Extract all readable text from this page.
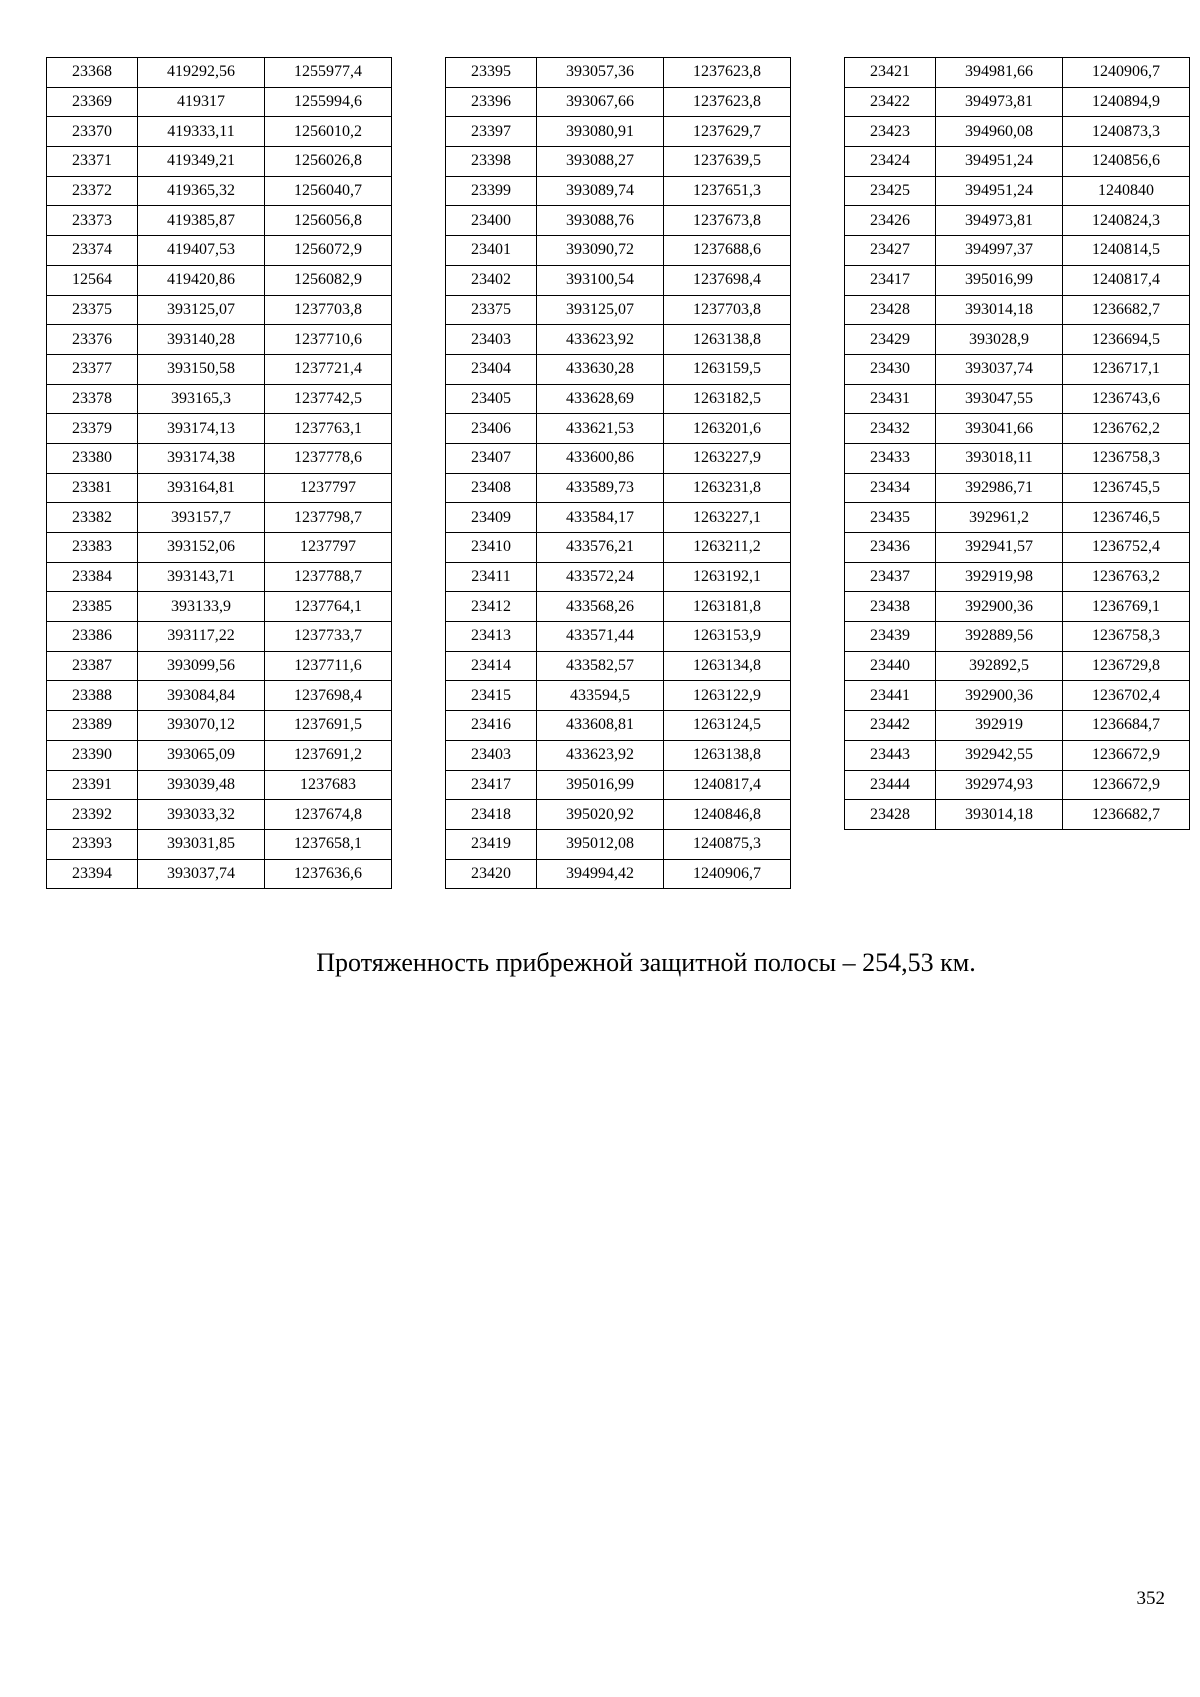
23368	419292,56	1255977,4
23369	419317	1255994,6
23370	419333,11	1256010,2
23371	419349,21	1256026,8
23372	419365,32	1256040,7
23373	419385,87	1256056,8
23374	419407,53	1256072,9
12564	419420,86	1256082,9
23375	393125,07	1237703,8
23376	393140,28	1237710,6
23377	393150,58	1237721,4
23378	393165,3	1237742,5
23379	393174,13	1237763,1
23380	393174,38	1237778,6
23381	393164,81	1237797
23382	393157,7	1237798,7
23383	393152,06	1237797
23384	393143,71	1237788,7
23385	393133,9	1237764,1
23386	393117,22	1237733,7
23387	393099,56	1237711,6
23388	393084,84	1237698,4
23389	393070,12	1237691,5
23390	393065,09	1237691,2
23391	393039,48	1237683
23392	393033,32	1237674,8
23393	393031,85	1237658,1
23394	393037,74	1237636,6
23395	393057,36	1237623,8
23396	393067,66	1237623,8
23397	393080,91	1237629,7
23398	393088,27	1237639,5
23399	393089,74	1237651,3
23400	393088,76	1237673,8
23401	393090,72	1237688,6
23402	393100,54	1237698,4
23375	393125,07	1237703,8
23403	433623,92	1263138,8
23404	433630,28	1263159,5
23405	433628,69	1263182,5
23406	433621,53	1263201,6
23407	433600,86	1263227,9
23408	433589,73	1263231,8
23409	433584,17	1263227,1
23410	433576,21	1263211,2
23411	433572,24	1263192,1
23412	433568,26	1263181,8
23413	433571,44	1263153,9
23414	433582,57	1263134,8
23415	433594,5	1263122,9
23416	433608,81	1263124,5
23403	433623,92	1263138,8
23417	395016,99	1240817,4
23418	395020,92	1240846,8
23419	395012,08	1240875,3
23420	394994,42	1240906,7
23421	394981,66	1240906,7
23422	394973,81	1240894,9
23423	394960,08	1240873,3
23424	394951,24	1240856,6
23425	394951,24	1240840
23426	394973,81	1240824,3
23427	394997,37	1240814,5
23417	395016,99	1240817,4
23428	393014,18	1236682,7
23429	393028,9	1236694,5
23430	393037,74	1236717,1
23431	393047,55	1236743,6
23432	393041,66	1236762,2
23433	393018,11	1236758,3
23434	392986,71	1236745,5
23435	392961,2	1236746,5
23436	392941,57	1236752,4
23437	392919,98	1236763,2
23438	392900,36	1236769,1
23439	392889,56	1236758,3
23440	392892,5	1236729,8
23441	392900,36	1236702,4
23442	392919	1236684,7
23443	392942,55	1236672,9
23444	392974,93	1236672,9
23428	393014,18	1236682,7

Протяженность прибрежной защитной полосы – 254,53 км.

352
